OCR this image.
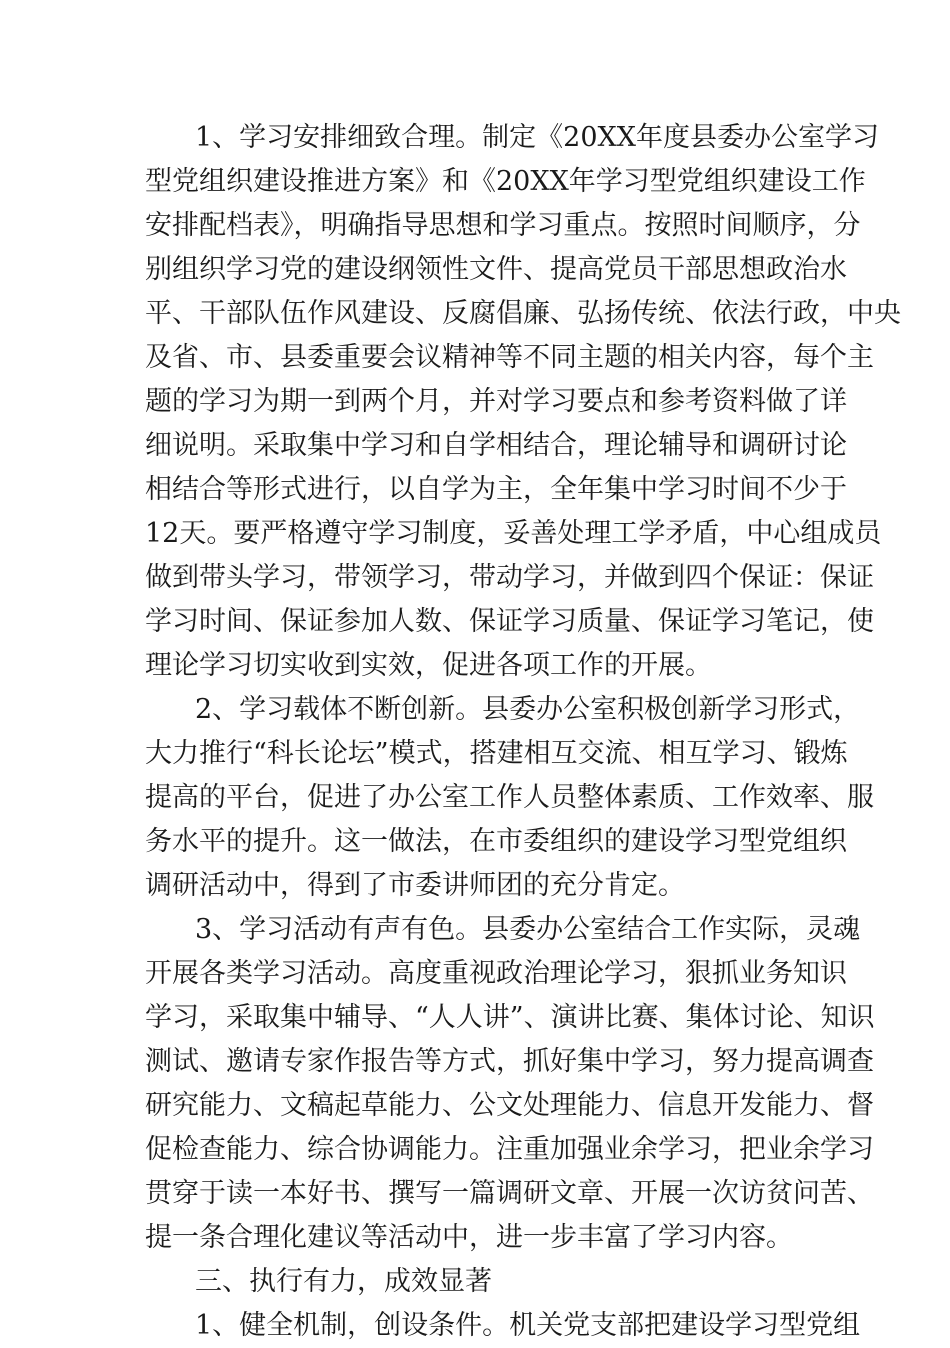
1、学习安排细致合理。制定《20XX年度县委办公室学习
型党组织建设推进方案》和《20XX年学习型党组织建设工作
安排配档表》，明确指导思想和学习重点。按照时间顺序，分
别组织学习党的建设纲领性文件、提高党员干部思想政治水
平、干部队伍作风建设、反腐倡廉、弘扬传统、依法行政，中央
及省、市、县委重要会议精神等不同主题的相关内容，每个主
题的学习为期一到两个月，并对学习要点和参考资料做了详
细说明。采取集中学习和自学相结合，理论辅导和调研讨论
相结合等形式进行，以自学为主，全年集中学习时间不少于
12天。要严格遵守学习制度，妥善处理工学矛盾，中心组成员
做到带头学习，带领学习，带动学习，并做到四个保证：保证
学习时间、保证参加人数、保证学习质量、保证学习笔记，使
理论学习切实收到实效，促进各项工作的开展。
2、学习载体不断创新。县委办公室积极创新学习形式，
大力推行“科长论坛”模式，搭建相互交流、相互学习、锻炼
提高的平台，促进了办公室工作人员整体素质、工作效率、服
务水平的提升。这一做法，在市委组织的建设学习型党组织
调研活动中，得到了市委讲师团的充分肯定。
3、学习活动有声有色。县委办公室结合工作实际，灵魂
开展各类学习活动。高度重视政治理论学习，狠抓业务知识
学习，采取集中辅导、“人人讲”、演讲比赛、集体讨论、知识
测试、邀请专家作报告等方式，抓好集中学习，努力提高调查
研究能力、文稿起草能力、公文处理能力、信息开发能力、督
促检查能力、综合协调能力。注重加强业余学习，把业余学习
贯穿于读一本好书、撰写一篇调研文章、开展一次访贫问苦、
提一条合理化建议等活动中，进一步丰富了学习内容。
三、执行有力，成效显著
1、健全机制，创设条件。机关党支部把建设学习型党组
